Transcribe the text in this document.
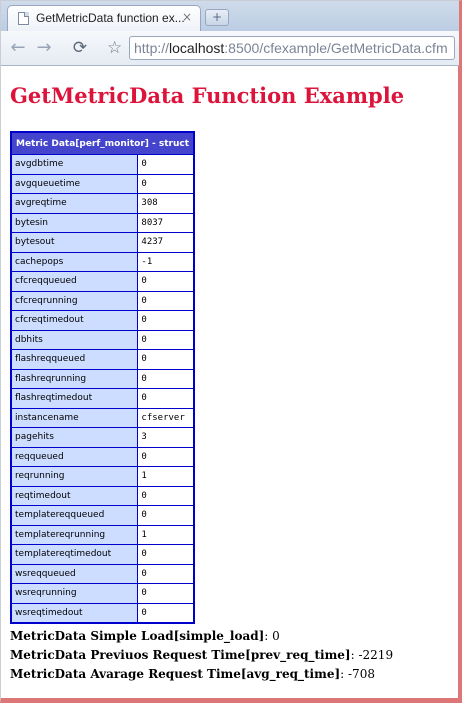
GetMetricData function ex...
×	+
← → ⟳ ☆ http://localhost:8500/cfexample/GetMetricData.cfm
GetMetricData Function Example
Metric Data[perf_monitor] - struct	
avgdbtime	0
avgqueuetime	0
avgreqtime	308
bytesin	8037
bytesout	4237
cachepops	-1
cfcreqqueued	0
cfcreqrunning	0
cfcreqtimedout	0
dbhits	0
flashreqqueued	0
flashreqrunning	0
flashreqtimedout	0
instancename	cfserver
pagehits	3
reqqueued	0
reqrunning	1
reqtimedout	0
templatereqqueued	0
templatereqrunning	1
templatereqtimedout	0
wsreqqueued	0
wsreqrunning	0
wsreqtimedout	0
MetricData Simple Load[simple_load]: 0
MetricData Previuos Request Time[prev_req_time]: -2219
MetricData Avarage Request Time[avg_req_time]: -708
